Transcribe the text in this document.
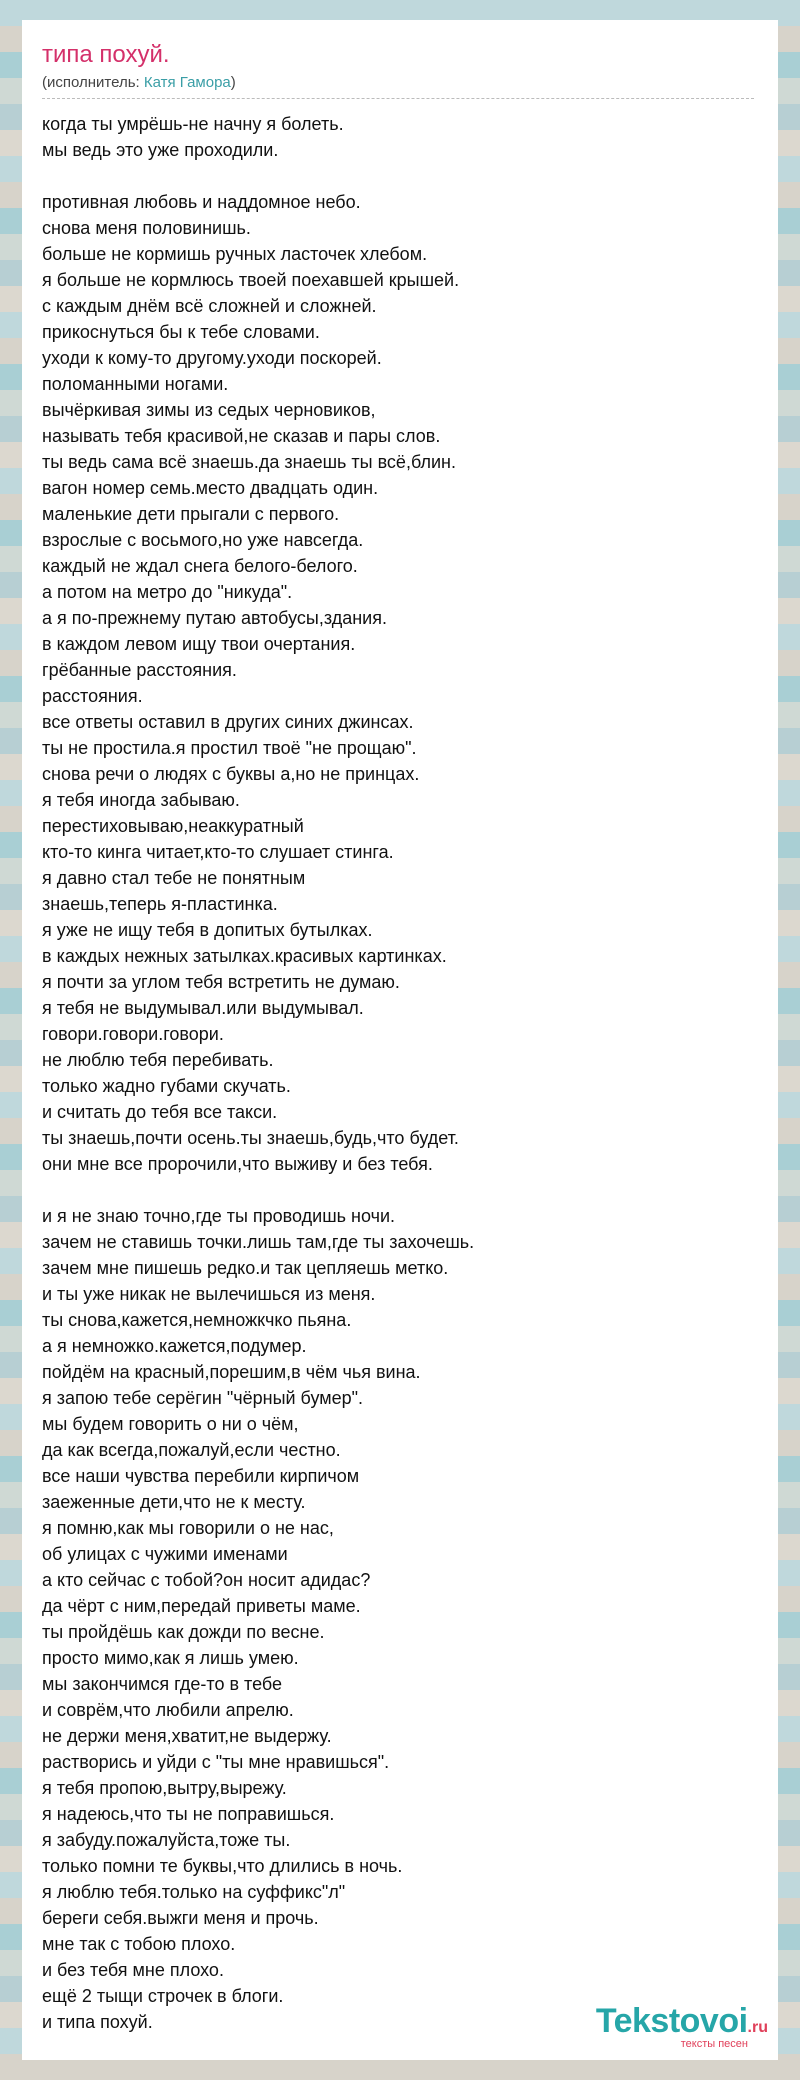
типа похуй.
(исполнитель: Катя Гамора)
когда ты умрёшь-не начну я болеть.
мы ведь это уже проходили.
противная любовь и наддомное небо.
снова меня половинишь.
больше не кормишь ручных ласточек хлебом.
я больше не кормлюсь твоей поехавшей крышей.
с каждым днём всё сложней и сложней.
прикоснуться бы к тебе словами.
уходи к кому-то другому.уходи поскорей.
поломанными ногами.
вычёркивая зимы из седых черновиков,
называть тебя красивой,не сказав и пары слов.
ты ведь сама всё знаешь.да знаешь ты всё,блин.
вагон номер семь.место двадцать один.
маленькие дети прыгали с первого.
взрослые с восьмого,но уже навсегда.
каждый не ждал снега белого-белого.
а потом на метро до "никуда".
а я по-прежнему путаю автобусы,здания.
в каждом левом ищу твои очертания.
грёбанные расстояния.
расстояния.
все ответы оставил в других синих джинсах.
ты не простила.я простил твоё "не прощаю".
снова речи о людях с буквы а,но не принцах.
я тебя иногда забываю.
перестиховываю,неаккуратный
кто-то кинга читает,кто-то слушает стинга.
я давно стал тебе не понятным
знаешь,теперь я-пластинка.
я уже не ищу тебя в допитых бутылках.
в каждых нежных затылках.красивых картинках.
я почти за углом тебя встретить не думаю.
я тебя не выдумывал.или выдумывал.
говори.говори.говори.
не люблю тебя перебивать.
только жадно губами скучать.
и считать до тебя все такси.
ты знаешь,почти осень.ты знаешь,будь,что будет.
они мне все пророчили,что выживу и без тебя.
и я не знаю точно,где ты проводишь ночи.
зачем не ставишь точки.лишь там,где ты захочешь.
зачем мне пишешь редко.и так цепляешь метко.
и ты уже никак не вылечишься из меня.
ты снова,кажется,немножкчко пьяна.
а я немножко.кажется,подумер.
пойдём на красный,порешим,в чём чья вина.
я запою тебе серёгин "чёрный бумер".
мы будем говорить о ни о чём,
да как всегда,пожалуй,если честно.
все наши чувства перебили кирпичом
заеженные дети,что не к месту.
я помню,как мы говорили о не нас,
об улицах с чужими именами
а кто сейчас с тобой?он носит адидас?
да чёрт с ним,передай приветы маме.
ты пройдёшь как дожди по весне.
просто мимо,как я лишь умею.
мы закончимся где-то в тебе
и соврём,что любили апрелю.
не держи меня,хватит,не выдержу.
растворись и уйди с "ты мне нравишься".
я тебя пропою,вытру,вырежу.
я надеюсь,что ты не поправишься.
я забуду.пожалуйста,тоже ты.
только помни те буквы,что длились в ночь.
я люблю тебя.только на суффикс"л"
береги себя.выжги меня и прочь.
мне так с тобою плохо.
и без тебя мне плохо.
ещё 2 тыщи строчек в блоги.
и типа похуй.	Tekstovoi.ru
тексты песен
